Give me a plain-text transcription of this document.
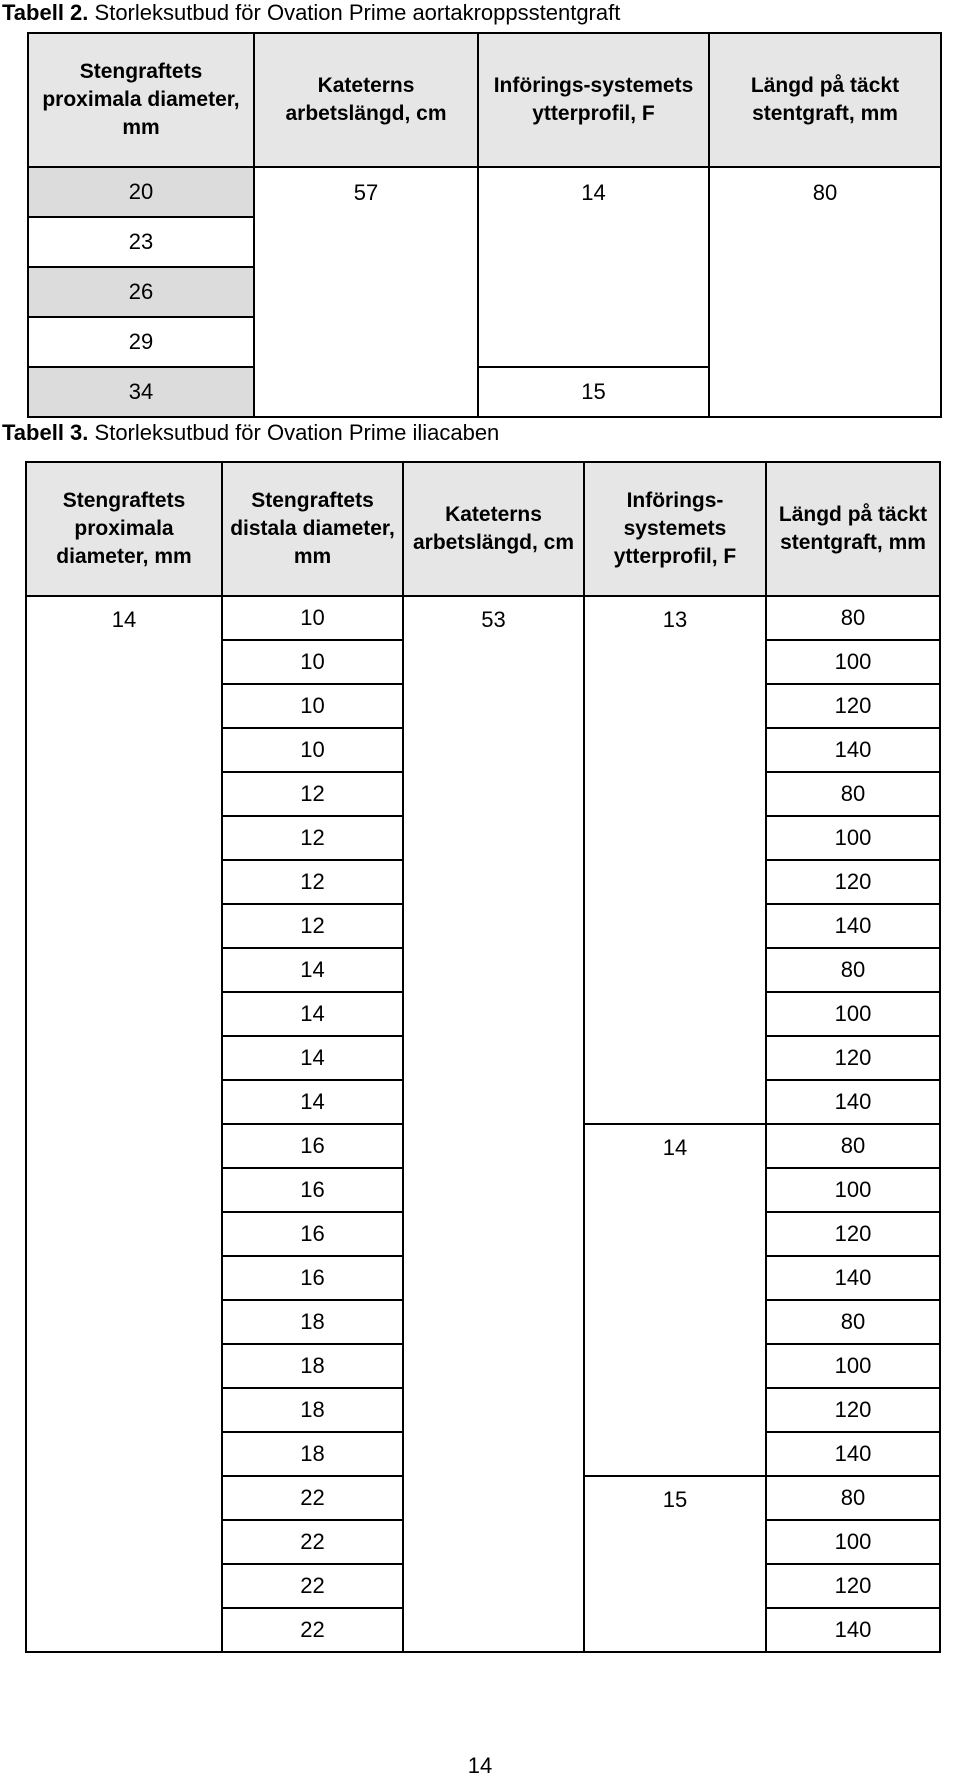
Tabell 2. Storleksutbud för Ovation Prime aortakroppsstentgraft
Stengraftets proximala diameter, mm	Kateterns arbetslängd, cm	Införings-systemets ytterprofil, F	Längd på täckt stentgraft, mm
20	57	14	80
23			
26			
29			
34		15	
Tabell 3. Storleksutbud för Ovation Prime iliacaben
Stengraftets proximala diameter, mm	Stengraftets distala diameter, mm	Kateterns arbetslängd, cm	Införings-systemets ytterprofil, F	Längd på täckt stentgraft, mm
14	10	53	13	80
	10			100
	10			120
	10			140
	12			80
	12			100
	12			120
	12			140
	14			80
	14			100
	14			120
	14			140
	16		14	80
	16			100
	16			120
	16			140
	18			80
	18			100
	18			120
	18			140
	22		15	80
	22			100
	22			120
	22			140
14
